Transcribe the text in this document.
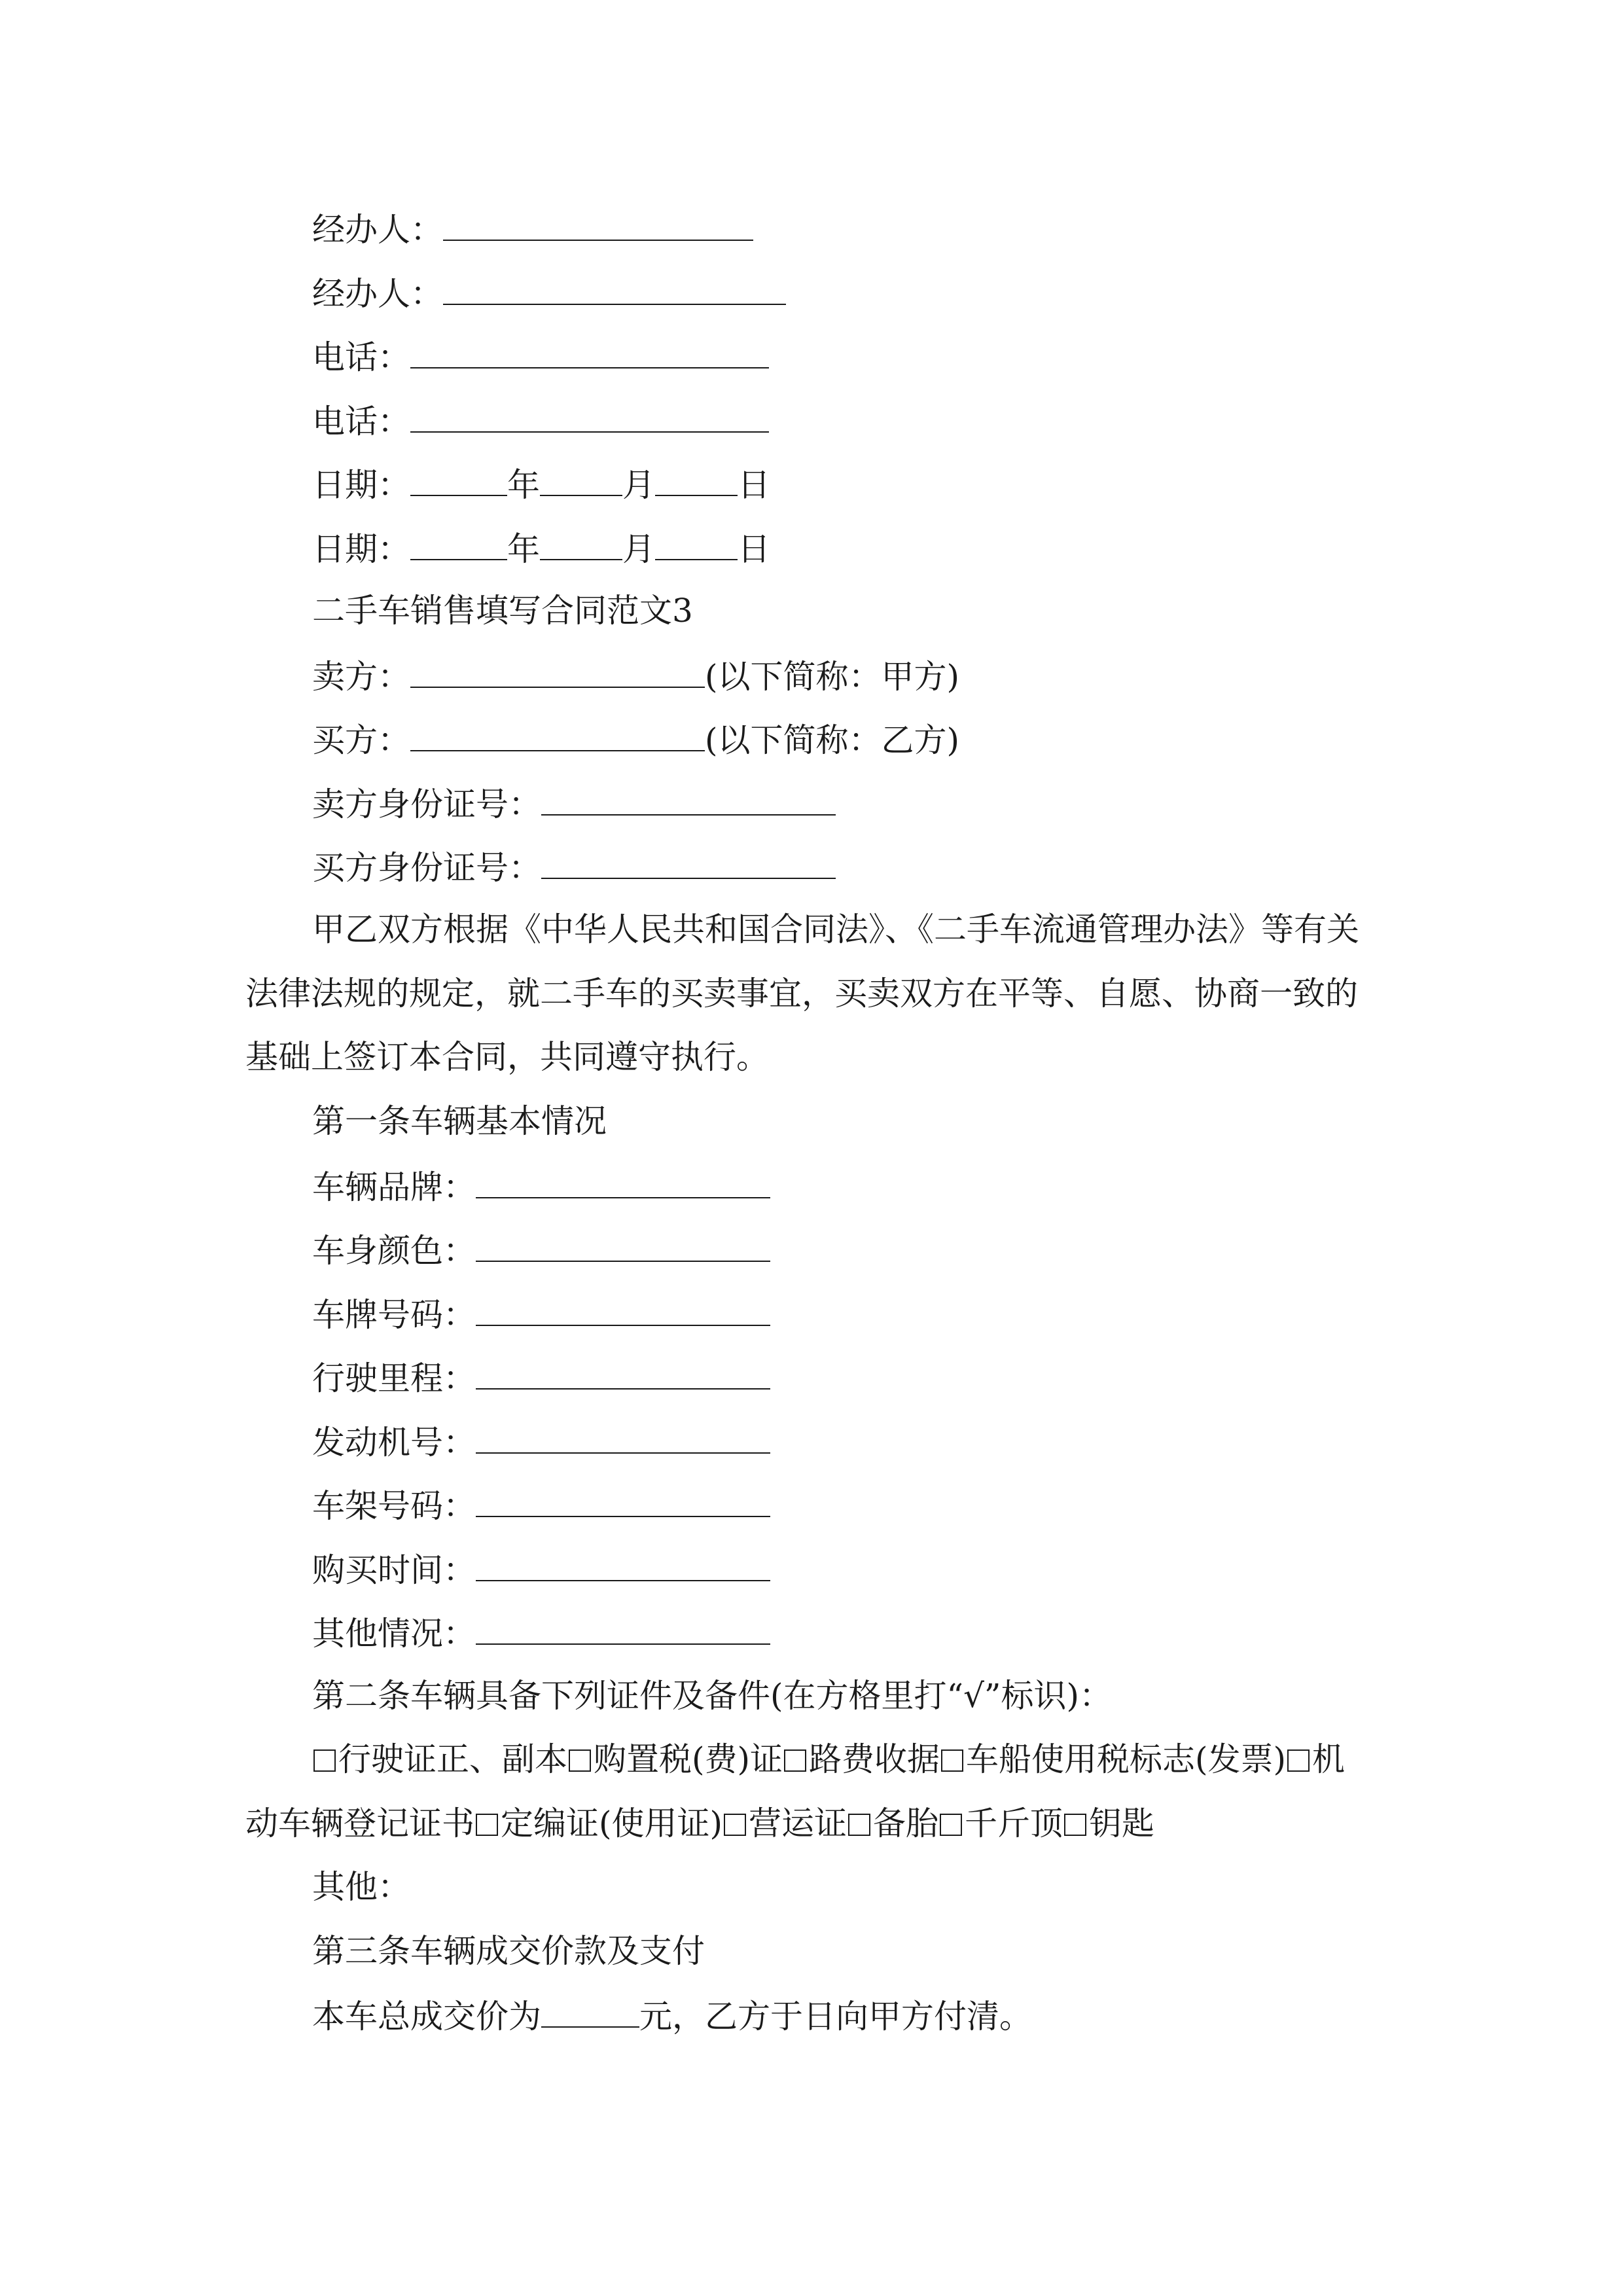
经办人：
经办人：
电话：
电话：
日期：	年	月	日
日期：	年	月	日
二手车销售填写合同范文3
卖方：	(以下简称：甲方)
买方：	(以下简称：乙方)
卖方身份证号：
买方身份证号：
甲乙双方根据《中华人民共和国合同法》、《二手车流通管理办法》等有关法律法规的规定，就二手车的买卖事宜，买卖双方在平等、自愿、协商一致的基础上签订本合同，共同遵守执行。
第一条车辆基本情况
车辆品牌：
车身颜色：
车牌号码：
行驶里程：
发动机号：
车架号码：
购买时间：
其他情况：
第二条车辆具备下列证件及备件(在方格里打“√”标识)：
行驶证正、副本 购置税(费)证 路费收据 车船使用税标志(发票) 机
动车辆登记证书 定编证(使用证) 营运证 备胎 千斤顶 钥匙
其他：
第三条车辆成交价款及支付
本车总成交价为	元，乙方于日向甲方付清。
